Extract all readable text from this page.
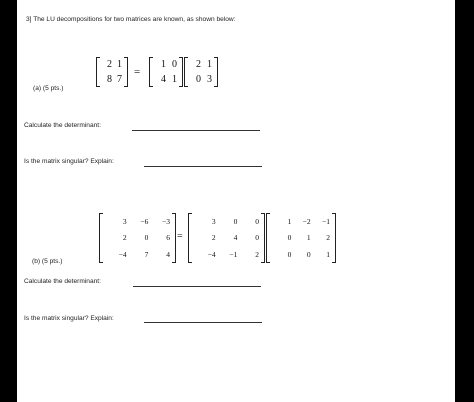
3] The LU decompositions for two matrices are known, as shown below:
(a) (5 pts.)
2 1
8 7
=
1 0
4 1
2 1
0 3
Calculate the determinant:
Is the matrix singular? Explain:
3 −6 −3
2 0 6
−4 7 4
=
3 0 0
2 4 0
−4 −1 2
1 −2 −1
0 1 2
0 0 1
(b) (5 pts.)
Calculate the determinant:
Is the matrix singular? Explain:
